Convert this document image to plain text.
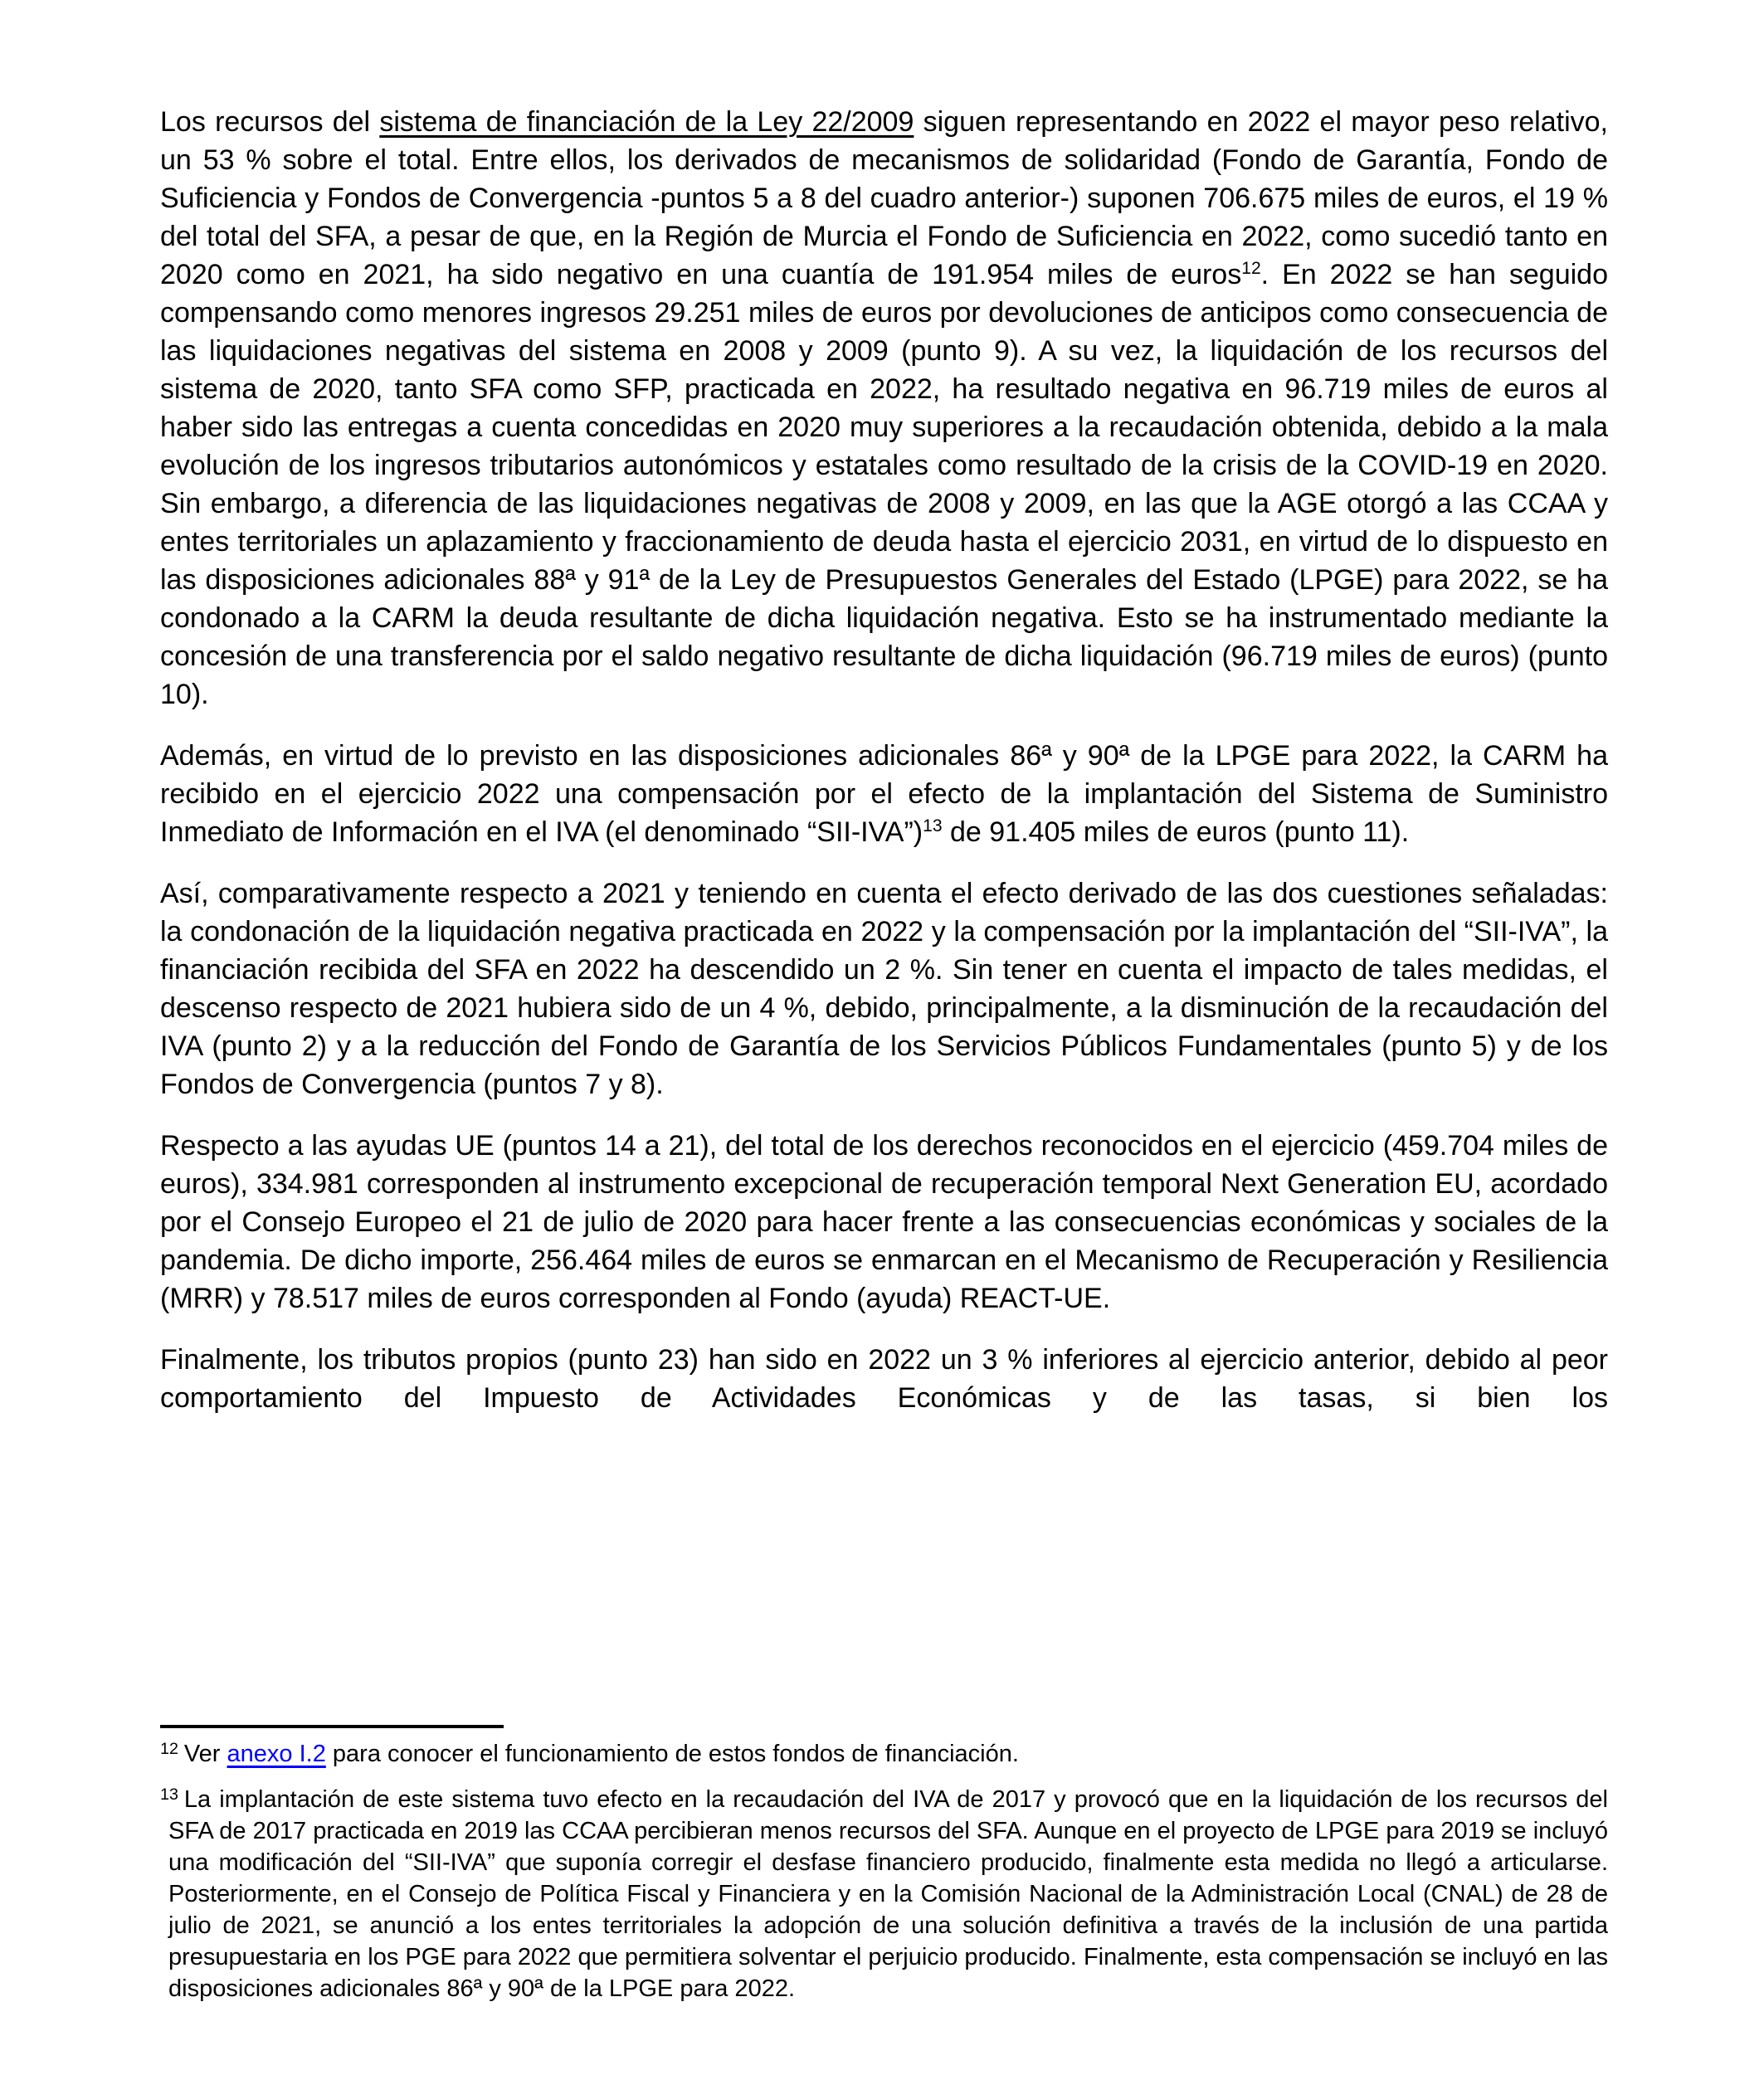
Los recursos del sistema de financiación de la Ley 22/2009 siguen representando en 2022 el mayor peso relativo, un 53 % sobre el total. Entre ellos, los derivados de mecanismos de solidaridad (Fondo de Garantía, Fondo de Suficiencia y Fondos de Convergencia -puntos 5 a 8 del cuadro anterior-) suponen 706.675 miles de euros, el 19 % del total del SFA, a pesar de que, en la Región de Murcia el Fondo de Suficiencia en 2022, como sucedió tanto en 2020 como en 2021, ha sido negativo en una cuantía de 191.954 miles de euros$^{12}$. En 2022 se han seguido compensando como menores ingresos 29.251 miles de euros por devoluciones de anticipos como consecuencia de las liquidaciones negativas del sistema en 2008 y 2009 (punto 9). A su vez, la liquidación de los recursos del sistema de 2020, tanto SFA como SFP, practicada en 2022, ha resultado negativa en 96.719 miles de euros al haber sido las entregas a cuenta concedidas en 2020 muy superiores a la recaudación obtenida, debido a la mala evolución de los ingresos tributarios autonómicos y estatales como resultado de la crisis de la COVID-19 en 2020. Sin embargo, a diferencia de las liquidaciones negativas de 2008 y 2009, en las que la AGE otorgó a las CCAA y entes territoriales un aplazamiento y fraccionamiento de deuda hasta el ejercicio 2031, en virtud de lo dispuesto en las disposiciones adicionales 88ª y 91ª de la Ley de Presupuestos Generales del Estado (LPGE) para 2022, se ha condonado a la CARM la deuda resultante de dicha liquidación negativa. Esto se ha instrumentado mediante la concesión de una transferencia por el saldo negativo resultante de dicha liquidación (96.719 miles de euros) (punto 10).

Además, en virtud de lo previsto en las disposiciones adicionales 86ª y 90ª de la LPGE para 2022, la CARM ha recibido en el ejercicio 2022 una compensación por el efecto de la implantación del Sistema de Suministro Inmediato de Información en el IVA (el denominado “SII-IVA”)$^{13}$ de 91.405 miles de euros (punto 11).

Así, comparativamente respecto a 2021 y teniendo en cuenta el efecto derivado de las dos cuestiones señaladas: la condonación de la liquidación negativa practicada en 2022 y la compensación por la implantación del “SII-IVA”, la financiación recibida del SFA en 2022 ha descendido un 2 %. Sin tener en cuenta el impacto de tales medidas, el descenso respecto de 2021 hubiera sido de un 4 %, debido, principalmente, a la disminución de la recaudación del IVA (punto 2) y a la reducción del Fondo de Garantía de los Servicios Públicos Fundamentales (punto 5) y de los Fondos de Convergencia (puntos 7 y 8).

Respecto a las ayudas UE (puntos 14 a 21), del total de los derechos reconocidos en el ejercicio (459.704 miles de euros), 334.981 corresponden al instrumento excepcional de recuperación temporal Next Generation EU, acordado por el Consejo Europeo el 21 de julio de 2020 para hacer frente a las consecuencias económicas y sociales de la pandemia. De dicho importe, 256.464 miles de euros se enmarcan en el Mecanismo de Recuperación y Resiliencia (MRR) y 78.517 miles de euros corresponden al Fondo (ayuda) REACT-UE.

Finalmente, los tributos propios (punto 23) han sido en 2022 un 3 % inferiores al ejercicio anterior, debido al peor comportamiento del Impuesto de Actividades Económicas y de las tasas, si bien los

$^{12}$ Ver anexo I.2 para conocer el funcionamiento de estos fondos de financiación.

$^{13}$ La implantación de este sistema tuvo efecto en la recaudación del IVA de 2017 y provocó que en la liquidación de los recursos del SFA de 2017 practicada en 2019 las CCAA percibieran menos recursos del SFA. Aunque en el proyecto de LPGE para 2019 se incluyó una modificación del “SII-IVA” que suponía corregir el desfase financiero producido, finalmente esta medida no llegó a articularse. Posteriormente, en el Consejo de Política Fiscal y Financiera y en la Comisión Nacional de la Administración Local (CNAL) de 28 de julio de 2021, se anunció a los entes territoriales la adopción de una solución definitiva a través de la inclusión de una partida presupuestaria en los PGE para 2022 que permitiera solventar el perjuicio producido. Finalmente, esta compensación se incluyó en las disposiciones adicionales 86ª y 90ª de la LPGE para 2022.
